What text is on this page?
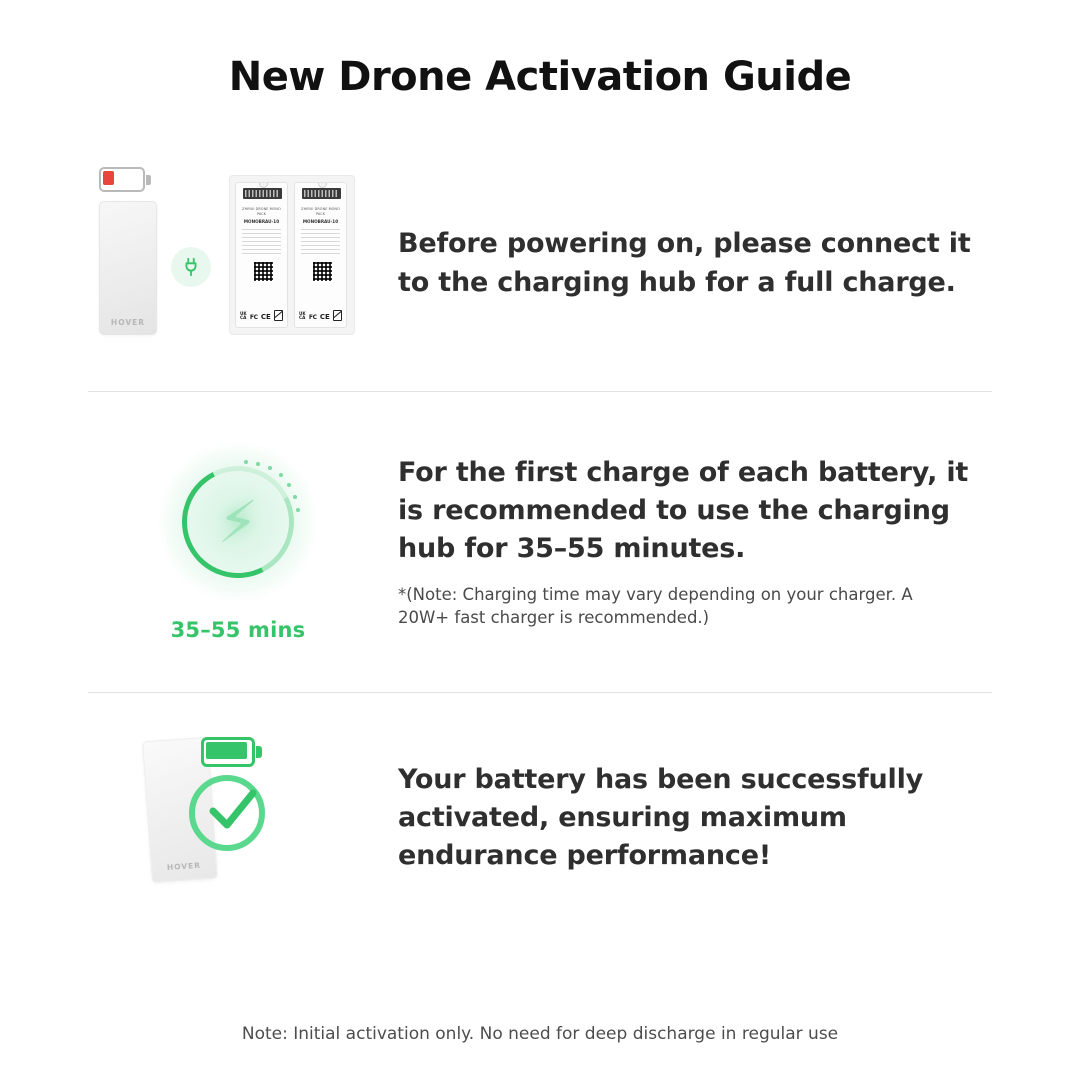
New Drone Activation Guide
HOVER
ZHIRUI DRONE MONO PACK
MONOBRAU-10
UK
CA FC CE
ZHIRUI DRONE MONO PACK
MONOBRAU-10
UK
CA FC CE
Before powering on, please connect it to the charging hub for a full charge.
⚡
35–55 mins
For the first charge of each battery, it is recommended to use the charging hub for 35–55 minutes.
*(Note: Charging time may vary depending on your charger. A 20W+ fast charger is recommended.)
HOVER
Your battery has been successfully activated, ensuring maximum endurance performance!
Note: Initial activation only. No need for deep discharge in regular use
